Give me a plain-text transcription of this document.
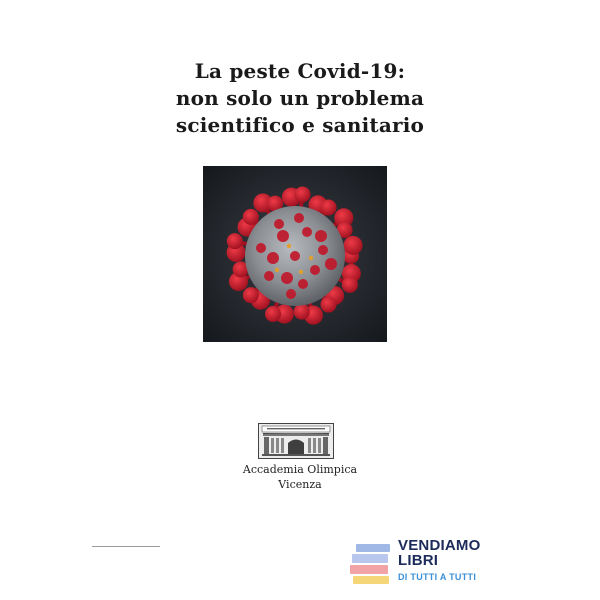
La peste Covid-19:
non solo un problema
scientifico e sanitario
Accademia Olimpica
Vicenza
VENDIAMO
LIBRI
DI TUTTI A TUTTI
